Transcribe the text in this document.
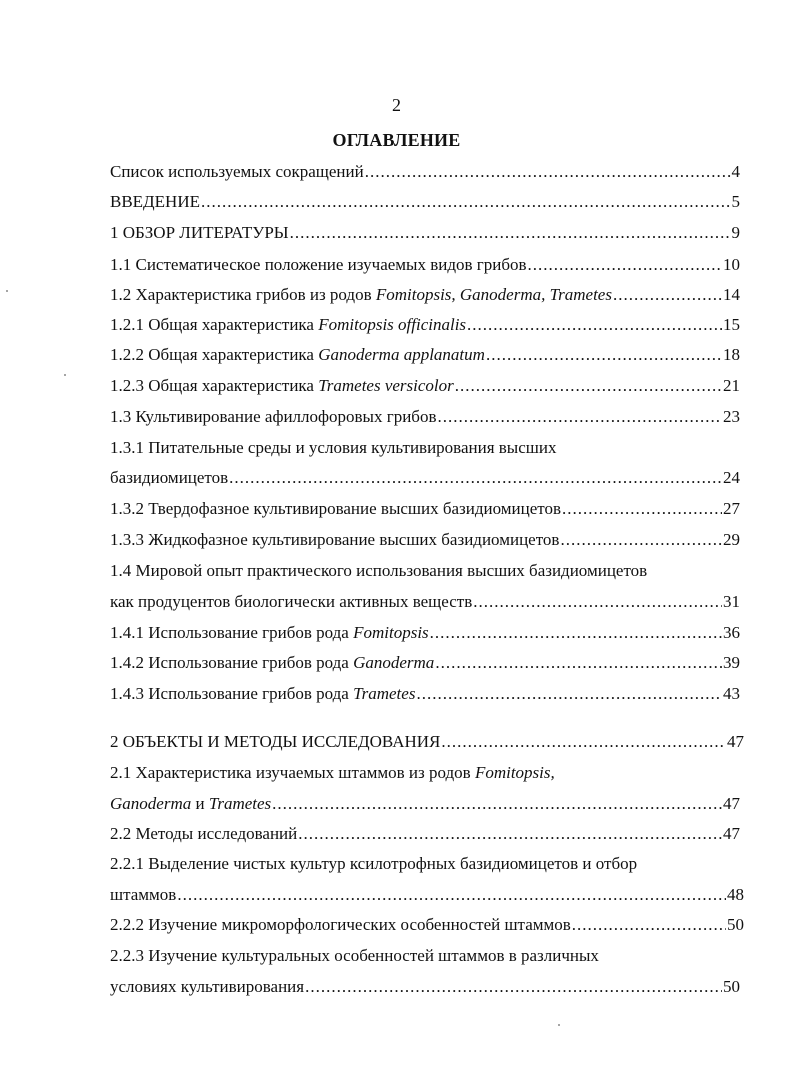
2
ОГЛАВЛЕНИЕ
Список используемых сокращений .....	4
ВВЕДЕНИЕ .....	5
1 ОБЗОР ЛИТЕРАТУРЫ .....	9
1.1 Систематическое положение изучаемых видов грибов .....	10
1.2 Характеристика грибов из родов Fomitopsis, Ganoderma, Trametes .....	14
1.2.1 Общая характеристика Fomitopsis officinalis .....	15
1.2.2 Общая характеристика Ganoderma applanatum .....	18
1.2.3 Общая характеристика Trametes versicolor .....	21
1.3 Культивирование афиллофоровых грибов .....	23
1.3.1 Питательные среды и условия культивирования высших
базидиомицетов .....	24
1.3.2 Твердофазное культивирование высших базидиомицетов .....	27
1.3.3 Жидкофазное культивирование высших базидиомицетов .....	29
1.4 Мировой опыт практического использования высших базидиомицетов
как продуцентов биологически активных веществ .....	31
1.4.1 Использование грибов рода Fomitopsis .....	36
1.4.2 Использование грибов рода Ganoderma .....	39
1.4.3 Использование грибов рода Trametes .....	43
2 ОБЪЕКТЫ И МЕТОДЫ ИССЛЕДОВАНИЯ .....	47
2.1 Характеристика изучаемых штаммов из родов Fomitopsis,
Ganoderma и Trametes .....	47
2.2 Методы исследований .....	47
2.2.1 Выделение чистых культур ксилотрофных базидиомицетов и отбор
штаммов .....	48
2.2.2 Изучение микроморфологических особенностей штаммов .....	50
2.2.3 Изучение культуральных особенностей штаммов в различных
условиях культивирования .....	50
